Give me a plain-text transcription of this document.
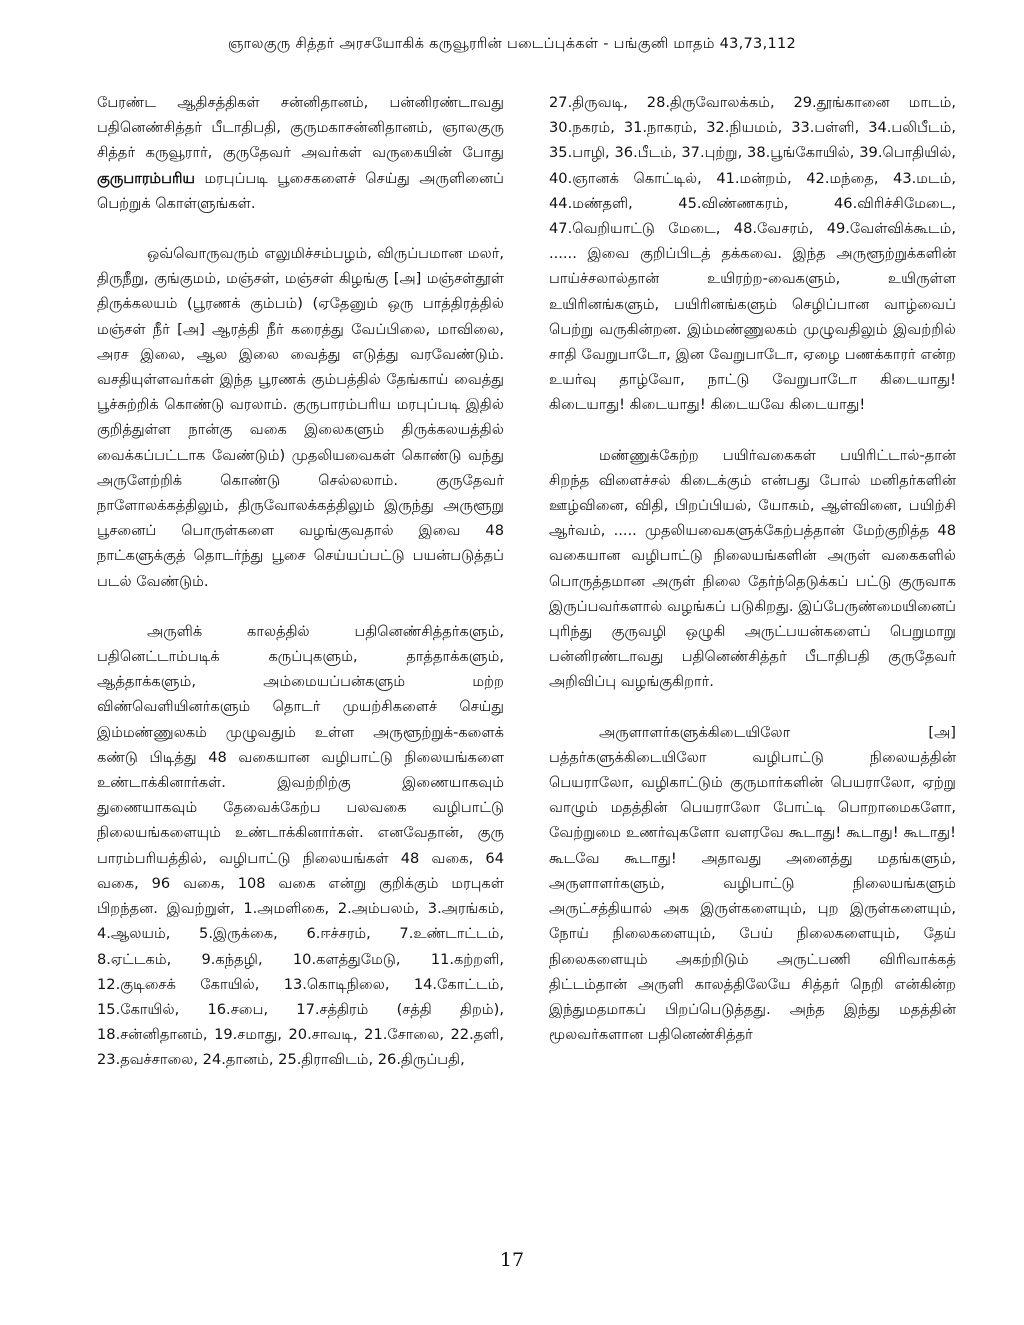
ஞாலகுரு சித்தர் அரசயோகிக் கருவூரரின் படைப்புக்கள் - பங்குனி மாதம் 43,73,112

பேரண்ட ஆதிசத்திகள் சன்னிதானம், பன்னிரண்டாவது பதினெண்சித்தர் பீடாதிபதி, குருமகாசன்னிதானம், ஞாலகுரு சித்தர் கருவூரார், குருதேவர் அவர்கள் வருகையின் போது குருபாரம்பரிய மரபுப்படி பூசைகளைச் செய்து அருளினைப் பெற்றுக் கொள்ளுங்கள்.

ஒவ்வொருவரும் எலுமிச்சம்பழம், விருப்பமான மலர், திருநீறு, குங்குமம், மஞ்சள், மஞ்சள் கிழங்கு [அ] மஞ்சள்தூள் திருக்கலயம் (பூரணக் கும்பம்) (ஏதேனும் ஒரு பாத்திரத்தில் மஞ்சள் நீர் [அ] ஆரத்தி நீர் கரைத்து வேப்பிலை, மாவிலை, அரச இலை, ஆல இலை வைத்து எடுத்து வரவேண்டும். வசதியுள்ளவர்கள் இந்த பூரணக் கும்பத்தில் தேங்காய் வைத்து பூச்சுற்றிக் கொண்டு வரலாம். குருபாரம்பரிய மரபுப்படி இதில் குறித்துள்ள நான்கு வகை இலைகளும் திருக்கலயத்தில் வைக்கப்பட்டாக வேண்டும்) முதலியவைகள் கொண்டு வந்து அருளேற்றிக் கொண்டு செல்லலாம். குருதேவர் நாளோலக்கத்திலும், திருவோலக்கத்திலும் இருந்து அருளூறு பூசனைப் பொருள்களை வழங்குவதால் இவை 48 நாட்களுக்குத் தொடர்ந்து பூசை செய்யப்பட்டு பயன்படுத்தப் படல் வேண்டும்.

அருளிக் காலத்தில் பதினெண்சித்தர்களும், பதினெட்டாம்படிக் கருப்புகளும், தாத்தாக்களும், ஆத்தாக்களும், அம்மையப்பன்களும் மற்ற விண்வெளியினர்களும் தொடர் முயற்சிகளைச் செய்து இம்மண்ணுலகம் முழுவதும் உள்ள அருளூற்றுக்-களைக் கண்டு பிடித்து 48 வகையான வழிபாட்டு நிலையங்களை உண்டாக்கினார்கள். இவற்றிற்கு இணையாகவும் துணையாகவும் தேவைக்கேற்ப பலவகை வழிபாட்டு நிலையங்களையும் உண்டாக்கினார்கள். எனவேதான், குரு பாரம்பரியத்தில், வழிபாட்டு நிலையங்கள் 48 வகை, 64 வகை, 96 வகை, 108 வகை என்று குறிக்கும் மரபுகள் பிறந்தன. இவற்றுள், 1.அமளிகை, 2.அம்பலம், 3.அரங்கம், 4.ஆலயம், 5.இருக்கை, 6.ஈச்சரம், 7.உண்டாட்டம், 8.ஏட்டகம், 9.கந்தழி, 10.களத்துமேடு, 11.கற்றளி, 12.குடிசைக் கோயில், 13.கொடிநிலை, 14.கோட்டம், 15.கோயில், 16.சபை, 17.சத்திரம் (சத்தி திறம்), 18.சன்னிதானம், 19.சமாது, 20.சாவடி, 21.சோலை, 22.தளி, 23.தவச்சாலை, 24.தானம், 25.திராவிடம், 26.திருப்பதி,

27.திருவடி, 28.திருவோலக்கம், 29.தூங்கானை மாடம், 30.நகரம், 31.நாகரம், 32.நியமம், 33.பள்ளி, 34.பலிபீடம், 35.பாழி, 36.பீடம், 37.புற்று, 38.பூங்கோயில், 39.பொதியில், 40.ஞானக் கொட்டில், 41.மன்றம், 42.மந்தை, 43.மடம், 44.மண்தளி, 45.விண்ணகரம், 46.விரிச்சிமேடை, 47.வெறியாட்டு மேடை, 48.வேசரம், 49.வேள்விக்கூடம், ...... இவை குறிப்பிடத் தக்கவை. இந்த அருளூற்றுக்களின் பாய்ச்சலால்தான் உயிரற்ற-வைகளும், உயிருள்ள உயிரினங்களும், பயிரினங்களும் செழிப்பான வாழ்வைப் பெற்று வருகின்றன. இம்மண்ணுலகம் முழுவதிலும் இவற்றில் சாதி வேறுபாடோ, இன வேறுபாடோ, ஏழை பணக்காரர் என்ற உயர்வு தாழ்வோ, நாட்டு வேறுபாடோ கிடையாது! கிடையாது! கிடையாது! கிடையவே கிடையாது!

மண்ணுக்கேற்ற பயிர்வகைகள் பயிரிட்டால்-தான் சிறந்த விளைச்சல் கிடைக்கும் என்பது போல் மனிதர்களின் ஊழ்வினை, விதி, பிறப்பியல், யோகம், ஆள்வினை, பயிற்சி ஆர்வம், ..... முதலியவைகளுக்கேற்பத்தான் மேற்குறித்த 48 வகையான வழிபாட்டு நிலையங்களின் அருள் வகைகளில் பொருத்தமான அருள் நிலை தேர்ந்தெடுக்கப் பட்டு குருவாக இருப்பவர்களால் வழங்கப் படுகிறது. இப்பேருண்மையினைப் புரிந்து குருவழி ஒழுகி அருட்பயன்களைப் பெறுமாறு பன்னிரண்டாவது பதினெண்சித்தர் பீடாதிபதி குருதேவர் அறிவிப்பு வழங்குகிறார்.

அருளாளர்களுக்கிடையிலோ [அ] பத்தர்களுக்கிடையிலோ வழிபாட்டு நிலையத்தின் பெயராலோ, வழிகாட்டும் குருமார்களின் பெயராலோ, ஏற்று வாழும் மதத்தின் பெயராலோ போட்டி பொறாமைகளோ, வேற்றுமை உணர்வுகளோ வளரவே கூடாது! கூடாது! கூடாது! கூடவே கூடாது! அதாவது அனைத்து மதங்களும், அருளாளர்களும், வழிபாட்டு நிலையங்களும் அருட்சத்தியால் அக இருள்களையும், புற இருள்களையும், நோய் நிலைகளையும், பேய் நிலைகளையும், தேய் நிலைகளையும் அகற்றிடும் அருட்பணி விரிவாக்கத் திட்டம்தான் அருளி காலத்திலேயே சித்தர் நெறி என்கின்ற இந்துமதமாகப் பிறப்பெடுத்தது. அந்த இந்து மதத்தின் மூலவர்களான பதினெண்சித்தர்

17
